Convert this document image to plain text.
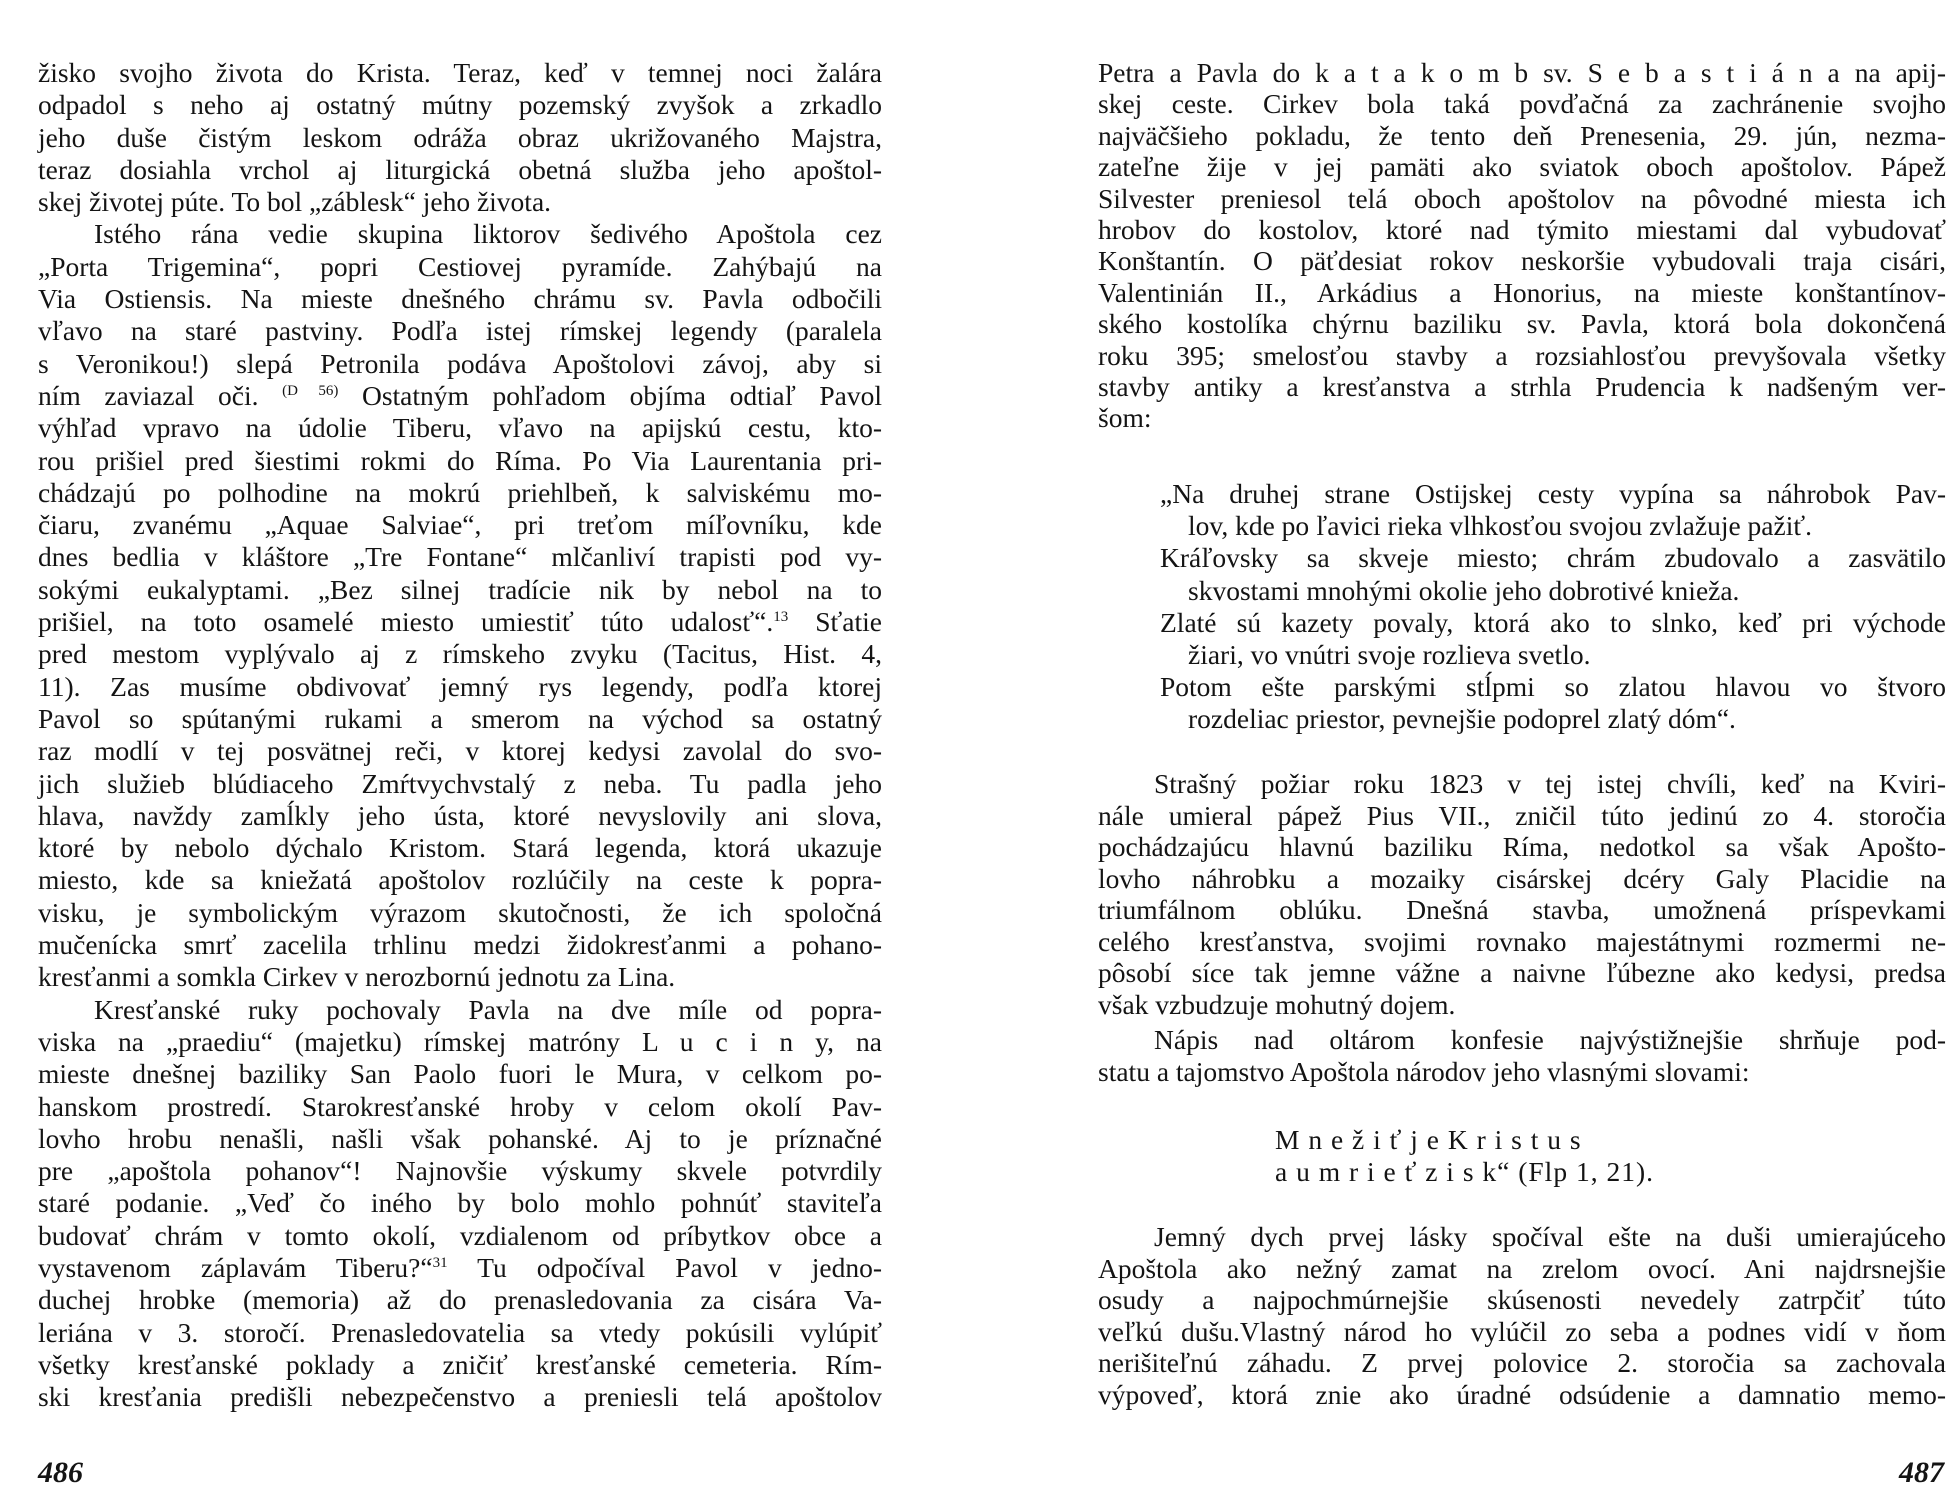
žisko svojho života do Krista. Teraz, keď v temnej noci žalára
odpadol s neho aj ostatný mútny pozemský zvyšok a zrkadlo
jeho duše čistým leskom odráža obraz ukrižovaného Majstra,
teraz dosiahla vrchol aj liturgická obetná služba jeho apoštol-
skej životej púte. To bol „záblesk“ jeho života.
Istého rána vedie skupina liktorov šedivého Apoštola cez
„Porta Trigemina“, popri Cestiovej pyramíde. Zahýbajú na
Via Ostiensis. Na mieste dnešného chrámu sv. Pavla odbočili
vľavo na staré pastviny. Podľa istej rímskej legendy (paralela
s Veronikou!) slepá Petronila podáva Apoštolovi závoj, aby si
ním zaviazal oči. $^{(D 56)}$ Ostatným pohľadom objíma odtiaľ Pavol
výhľad vpravo na údolie Tiberu, vľavo na apijskú cestu, kto-
rou prišiel pred šiestimi rokmi do Ríma. Po Via Laurentania pri-
chádzajú po polhodine na mokrú priehlbeň, k salviskému mo-
čiaru, zvanému „Aquae Salviae“, pri treťom míľovníku, kde
dnes bedlia v kláštore „Tre Fontane“ mlčanliví trapisti pod vy-
sokými eukalyptami. „Bez silnej tradície nik by nebol na to
prišiel, na toto osamelé miesto umiestiť túto udalosť“.$^{13}$ Sťatie
pred mestom vyplývalo aj z rímskeho zvyku (Tacitus, Hist. 4,
11). Zas musíme obdivovať jemný rys legendy, podľa ktorej
Pavol so spútanými rukami a smerom na východ sa ostatný
raz modlí v tej posvätnej reči, v ktorej kedysi zavolal do svo-
jich služieb blúdiaceho Zmŕtvychvstalý z neba. Tu padla jeho
hlava, navždy zamĺkly jeho ústa, ktoré nevyslovily ani slova,
ktoré by nebolo dýchalo Kristom. Stará legenda, ktorá ukazuje
miesto, kde sa kniežatá apoštolov rozlúčily na ceste k popra-
visku, je symbolickým výrazom skutočnosti, že ich spoločná
mučenícka smrť zacelila trhlinu medzi židokresťanmi a pohano-
kresťanmi a somkla Cirkev v nerozbornú jednotu za Lina.
Kresťanské ruky pochovaly Pavla na dve míle od popra-
viska na „praediu“ (majetku) rímskej matróny L u c i n y, na
mieste dnešnej baziliky San Paolo fuori le Mura, v celkom po-
hanskom prostredí. Starokresťanské hroby v celom okolí Pav-
lovho hrobu nenašli, našli však pohanské. Aj to je príznačné
pre „apoštola pohanov“! Najnovšie výskumy skvele potvrdily
staré podanie. „Veď čo iného by bolo mohlo pohnúť staviteľa
budovať chrám v tomto okolí, vzdialenom od príbytkov obce a
vystavenom záplavám Tiberu?“$^{31}$ Tu odpočíval Pavol v jedno-
duchej hrobke (memoria) až do prenasledovania za cisára Va-
leriána v 3. storočí. Prenasledovatelia sa vtedy pokúsili vylúpiť
všetky kresťanské poklady a zničiť kresťanské cemeteria. Rím-
ski kresťania predišli nebezpečenstvo a preniesli telá apoštolov
486
Petra a Pavla do k a t a k o m b sv. S e b a s t i á n a na apij-
skej ceste. Cirkev bola taká povďačná za zachránenie svojho
najväčšieho pokladu, že tento deň Prenesenia, 29. jún, nezma-
zateľne žije v jej pamäti ako sviatok oboch apoštolov. Pápež
Silvester preniesol telá oboch apoštolov na pôvodné miesta ich
hrobov do kostolov, ktoré nad týmito miestami dal vybudovať
Konštantín. O päťdesiat rokov neskoršie vybudovali traja cisári,
Valentinián II., Arkádius a Honorius, na mieste konštantínov-
ského kostolíka chýrnu baziliku sv. Pavla, ktorá bola dokončená
roku 395; smelosťou stavby a rozsiahlosťou prevyšovala všetky
stavby antiky a kresťanstva a strhla Prudencia k nadšeným ver-
šom:
„Na druhej strane Ostijskej cesty vypína sa náhrobok Pav-
lov, kde po ľavici rieka vlhkosťou svojou zvlažuje pažiť.
Kráľovsky sa skveje miesto; chrám zbudovalo a zasvätilo
skvostami mnohými okolie jeho dobrotivé knieža.
Zlaté sú kazety povaly, ktorá ako to slnko, keď pri východe
žiari, vo vnútri svoje rozlieva svetlo.
Potom ešte parskými stĺpmi so zlatou hlavou vo štvoro
rozdeliac priestor, pevnejšie podoprel zlatý dóm“.
Strašný požiar roku 1823 v tej istej chvíli, keď na Kviri-
nále umieral pápež Pius VII., zničil túto jedinú zo 4. storočia
pochádzajúcu hlavnú baziliku Ríma, nedotkol sa však Apošto-
lovho náhrobku a mozaiky cisárskej dcéry Galy Placidie na
triumfálnom oblúku. Dnešná stavba, umožnená príspevkami
celého kresťanstva, svojimi rovnako majestátnymi rozmermi ne-
pôsobí síce tak jemne vážne a naivne ľúbezne ako kedysi, predsa
však vzbudzuje mohutný dojem.
Nápis nad oltárom konfesie najvýstižnejšie shrňuje pod-
statu a tajomstvo Apoštola národov jeho vlasnými slovami:
M n e ž i ť j e K r i s t u s
a u m r i e ť z i s k“ (Flp 1, 21).
Jemný dych prvej lásky spočíval ešte na duši umierajúceho
Apoštola ako nežný zamat na zrelom ovocí. Ani najdrsnejšie
osudy a najpochmúrnejšie skúsenosti nevedely zatrpčiť túto
veľkú dušu.Vlastný národ ho vylúčil zo seba a podnes vidí v ňom
nerišiteľnú záhadu. Z prvej polovice 2. storočia sa zachovala
výpoveď, ktorá znie ako úradné odsúdenie a damnatio memo-
487
